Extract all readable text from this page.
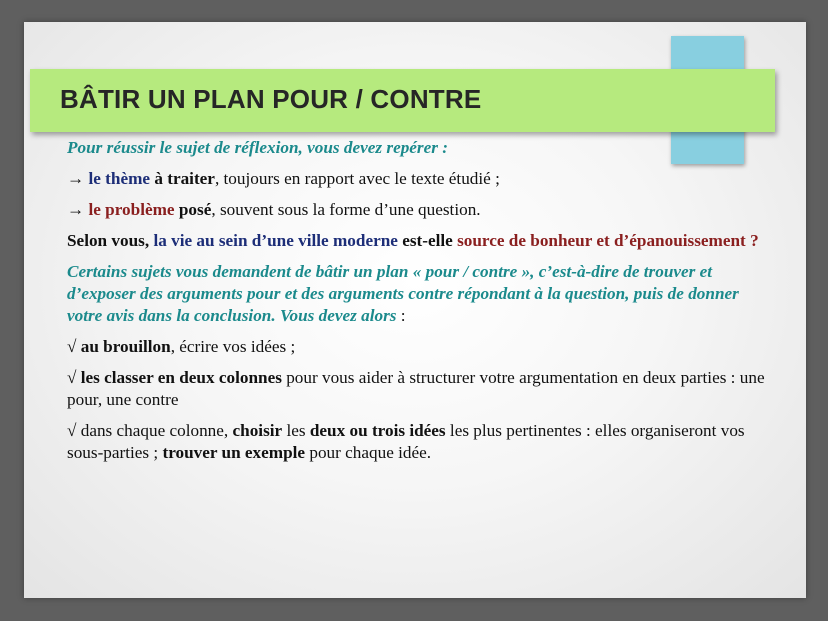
BÂTIR UN PLAN POUR / CONTRE

Pour réussir le sujet de réflexion, vous devez repérer :

→ le thème à traiter, toujours en rapport avec le texte étudié ;

→ le problème posé, souvent sous la forme d’une question.

Selon vous, la vie au sein d’une ville moderne est-elle source de bonheur et d’épanouissement ?

Certains sujets vous demandent de bâtir un plan « pour / contre », c’est-à-dire de trouver et d’exposer des arguments pour et des arguments contre répondant à la question, puis de donner votre avis dans la conclusion. Vous devez alors :

√ au brouillon, écrire vos idées ;

√ les classer en deux colonnes pour vous aider à structurer votre argumentation en deux parties : une pour, une contre

√ dans chaque colonne, choisir les deux ou trois idées les plus pertinentes : elles organiseront vos sous-parties ; trouver un exemple pour chaque idée.
